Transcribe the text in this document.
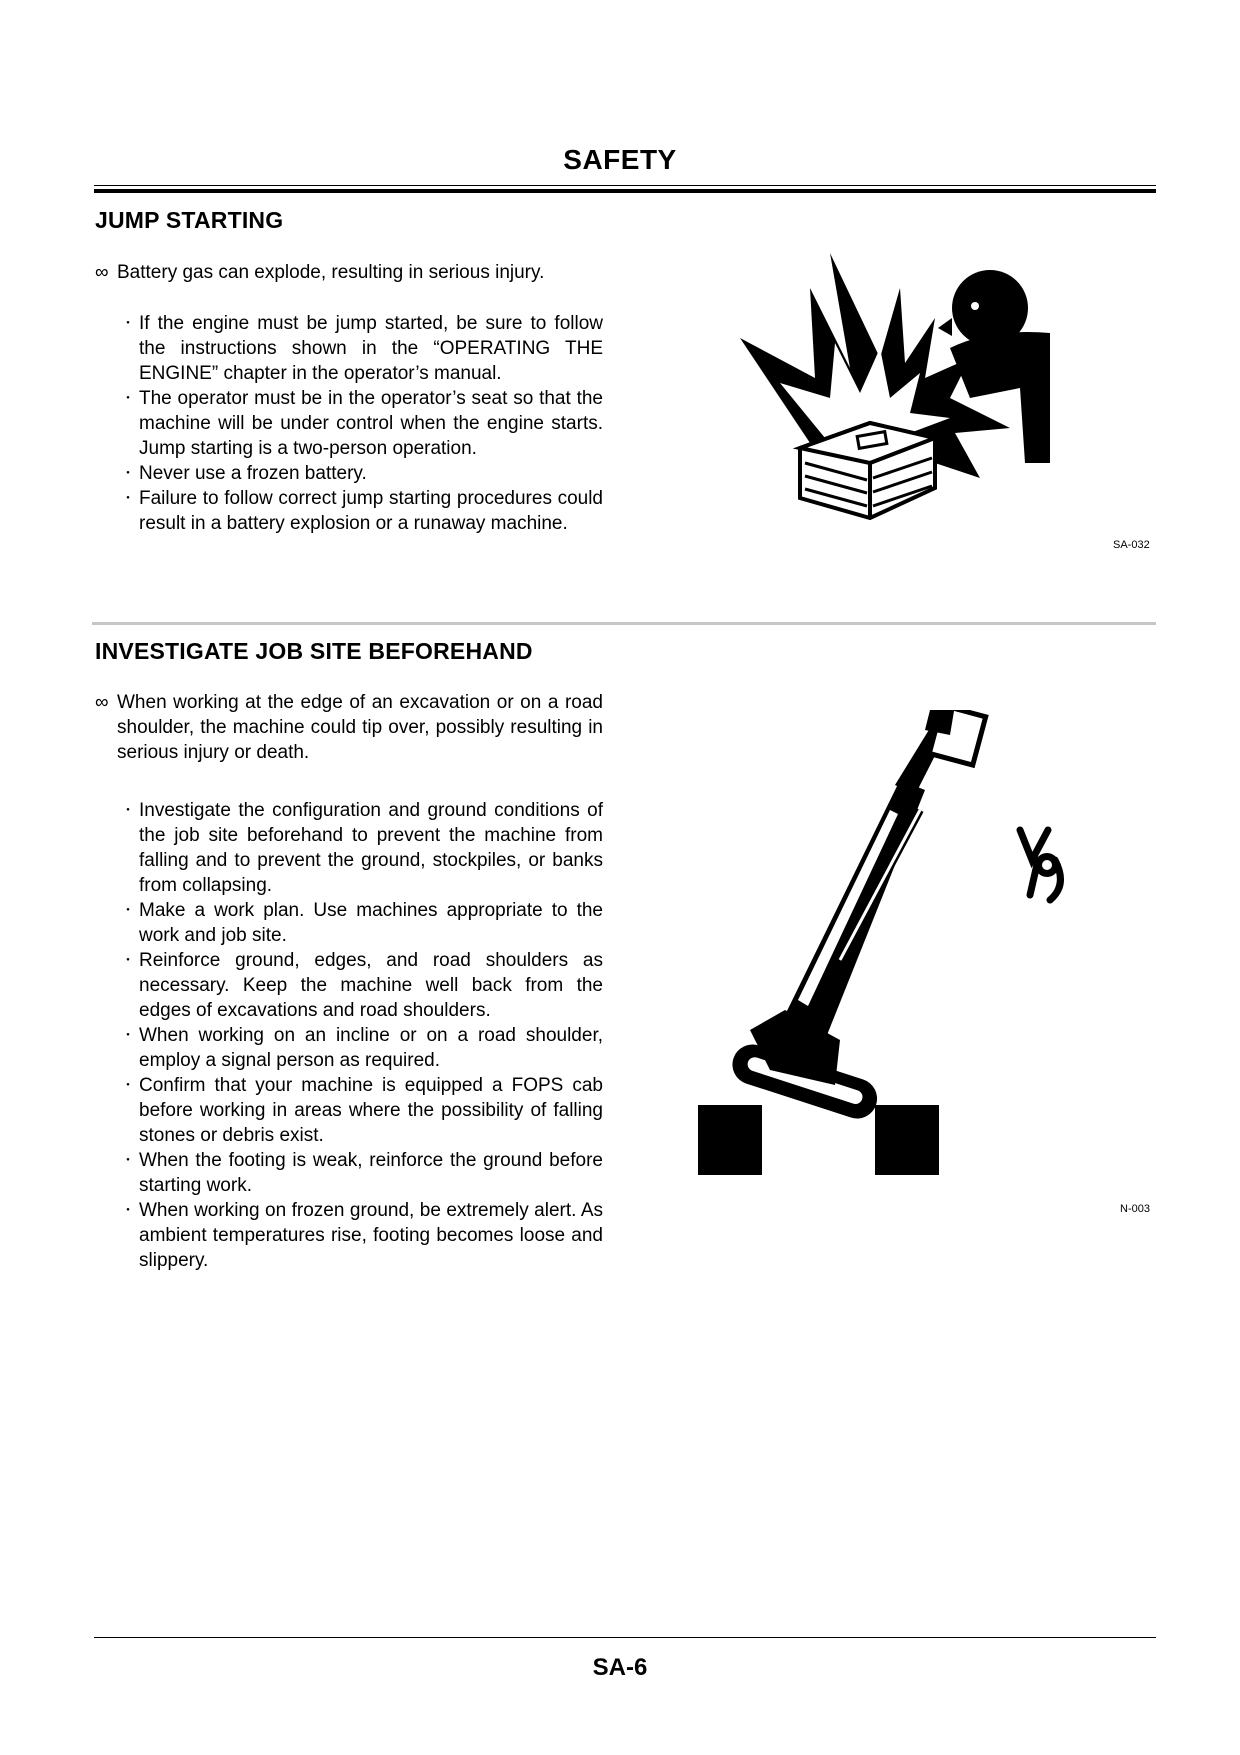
SAFETY
JUMP STARTING
∞ Battery gas can explode, resulting in serious injury.
・ If the engine must be jump started, be sure to follow the instructions shown in the “OPERATING THE ENGINE” chapter in the operator’s manual.
・ The operator must be in the operator’s seat so that the machine will be under control when the engine starts. Jump starting is a two-person operation.
・ Never use a frozen battery.
・ Failure to follow correct jump starting procedures could result in a battery explosion or a runaway machine.
SA-032
INVESTIGATE JOB SITE BEFOREHAND
∞ When working at the edge of an excavation or on a road shoulder, the machine could tip over, possibly resulting in serious injury or death.
・ Investigate the configuration and ground conditions of the job site beforehand to prevent the machine from falling and to prevent the ground, stockpiles, or banks from collapsing.
・ Make a work plan. Use machines appropriate to the work and job site.
・ Reinforce ground, edges, and road shoulders as necessary. Keep the machine well back from the edges of excavations and road shoulders.
・ When working on an incline or on a road shoulder, employ a signal person as required.
・ Confirm that your machine is equipped a FOPS cab before working in areas where the possibility of falling stones or debris exist.
・ When the footing is weak, reinforce the ground before starting work.
・ When working on frozen ground, be extremely alert. As ambient temperatures rise, footing becomes loose and slippery.
N-003
SA-6
